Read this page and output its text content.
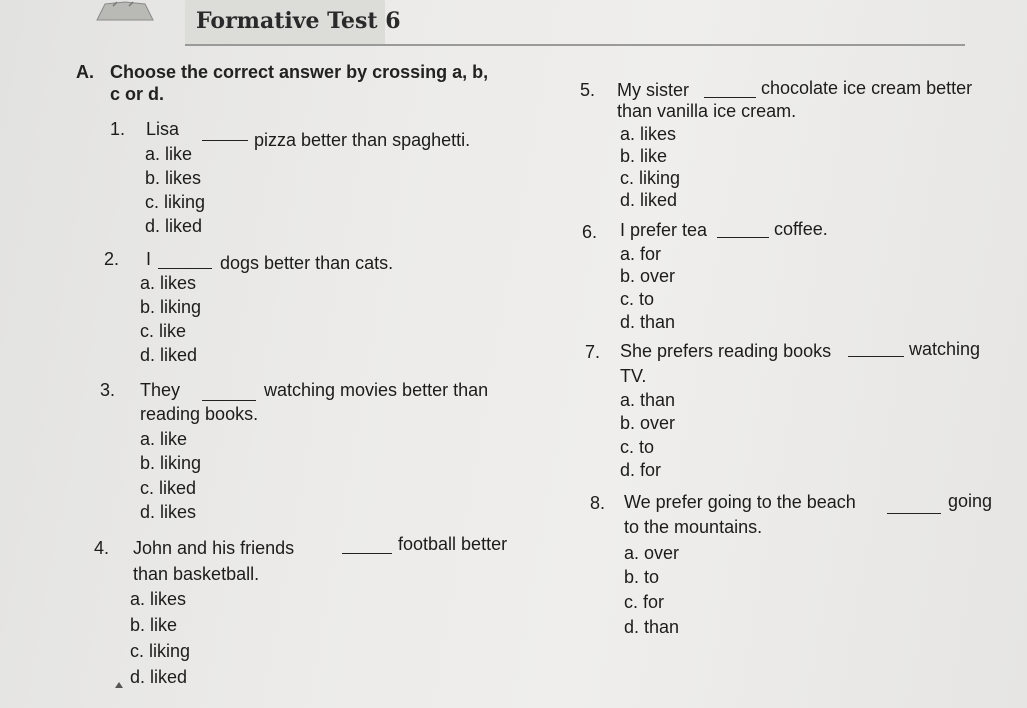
Formative Test 6
A. Choose the correct answer by crossing a, b,
c or d.
1. Lisa
pizza better than spaghetti.
a. like
b. likes
c. liking
d. liked
2. I	dogs better than cats.
a. likes
b. liking
c. like
d. liked
3. They	watching movies better than
reading books.
a. like
b. liking
c. liked
d. likes
4. John and his friends	football better
than basketball.
a. likes
b. like
c. liking
d. liked
5. My sister	chocolate ice cream better
than vanilla ice cream.
a. likes
b. like
c. liking
d. liked
6. I prefer tea	coffee.
a. for
b. over
c. to
d. than
7. She prefers reading books	watching
TV.
a. than
b. over
c. to
d. for
8. We prefer going to the beach	going
to the mountains.
a. over
b. to
c. for
d. than
